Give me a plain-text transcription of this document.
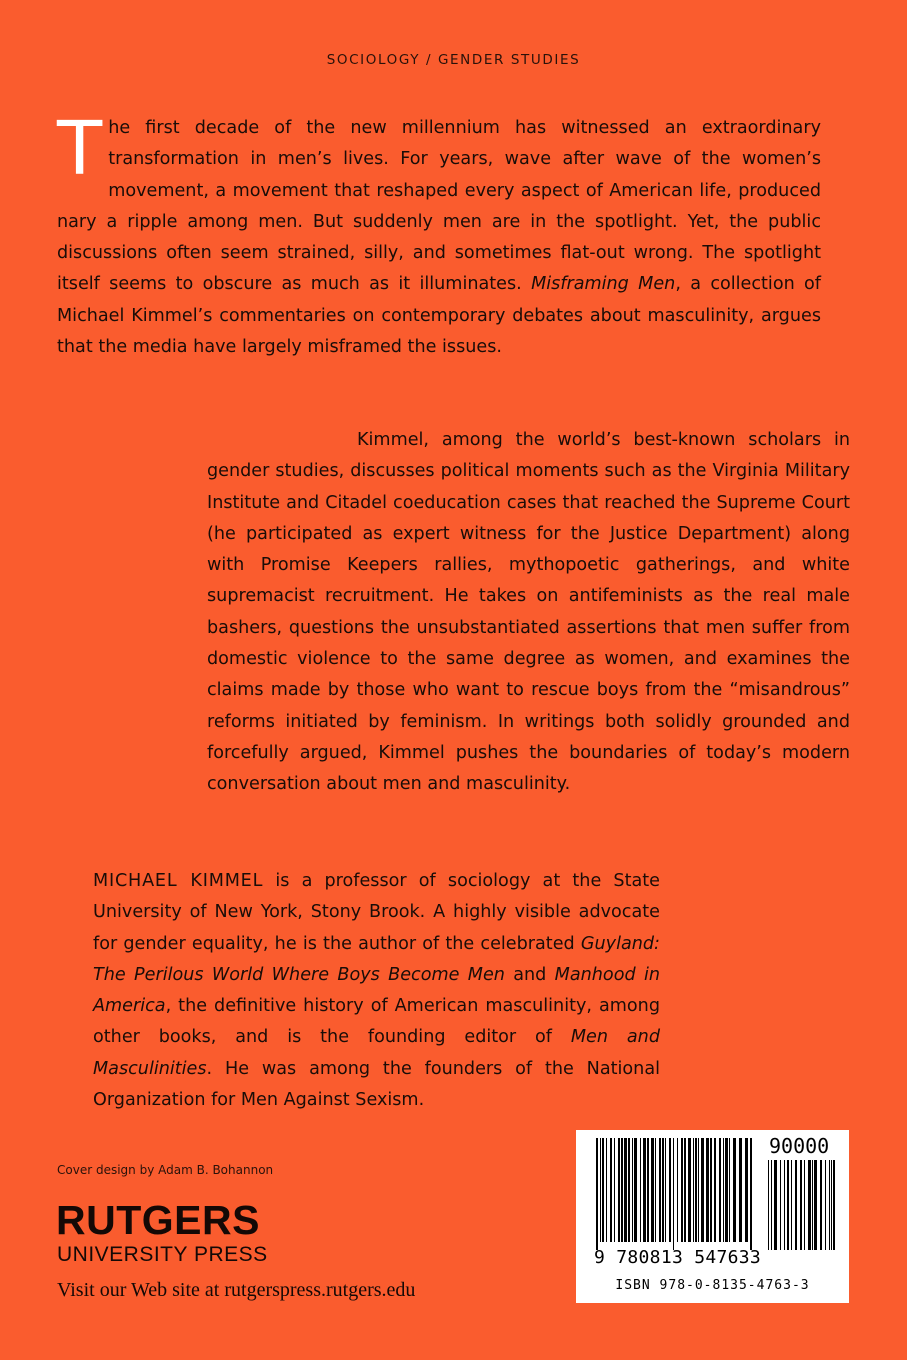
SOCIOLOGY / GENDER STUDIES

The first decade of the new millennium has witnessed an extraordinary transformation in men’s lives. For years, wave after wave of the women’s movement, a movement that reshaped every aspect of American life, produced nary a ripple among men. But suddenly men are in the spotlight. Yet, the public discussions often seem strained, silly, and sometimes flat-out wrong. The spotlight itself seems to obscure as much as it illuminates. Misframing Men, a collection of Michael Kimmel’s commentaries on contemporary debates about masculinity, argues that the media have largely misframed the issues.

Kimmel, among the world’s best-known scholars in gender studies, discusses political moments such as the Virginia Military Institute and Citadel coeducation cases that reached the Supreme Court (he participated as expert witness for the Justice Department) along with Promise Keepers rallies, mythopoetic gatherings, and white supremacist recruitment. He takes on antifeminists as the real male bashers, questions the unsubstantiated assertions that men suffer from domestic violence to the same degree as women, and examines the claims made by those who want to rescue boys from the “misandrous” reforms initiated by feminism. In writings both solidly grounded and forcefully argued, Kimmel pushes the boundaries of today’s modern conversation about men and masculinity.

MICHAEL KIMMEL is a professor of sociology at the State University of New York, Stony Brook. A highly visible advocate for gender equality, he is the author of the celebrated Guyland: The Perilous World Where Boys Become Men and Manhood in America, the definitive history of American masculinity, among other books, and is the founding editor of Men and Masculinities. He was among the founders of the National Organization for Men Against Sexism.

Cover design by Adam B. Bohannon
RUTGERS
UNIVERSITY PRESS
Visit our Web site at rutgerspress.rutgers.edu
90000
9 780813 547633
ISBN 978-0-8135-4763-3
